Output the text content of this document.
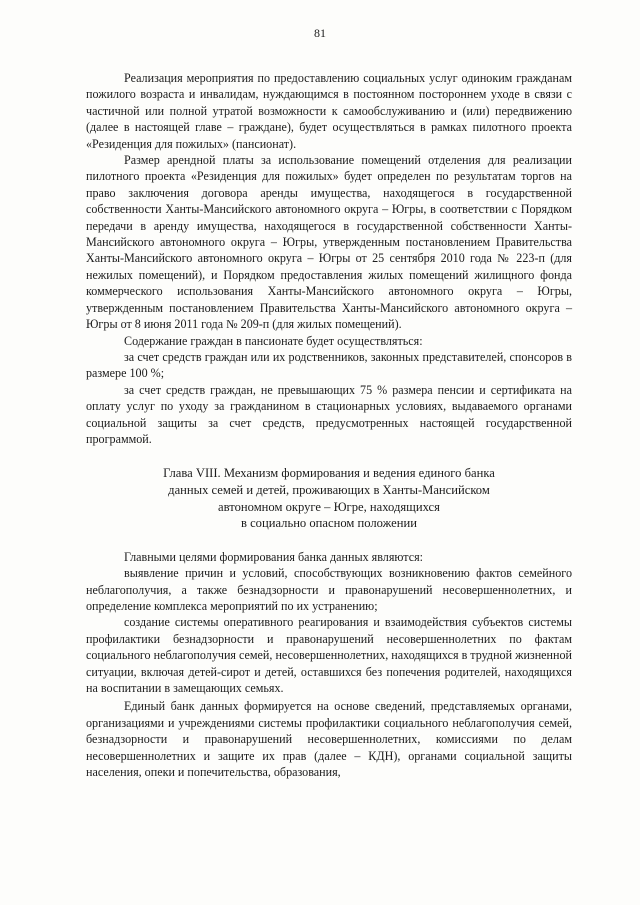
81

Реализация мероприятия по предоставлению социальных услуг одиноким гражданам пожилого возраста и инвалидам, нуждающимся в постоянном постороннем уходе в связи с частичной или полной утратой возможности к самообслуживанию и (или) передвижению (далее в настоящей главе – граждане), будет осуществляться в рамках пилотного проекта «Резиденция для пожилых» (пансионат).

Размер арендной платы за использование помещений отделения для реализации пилотного проекта «Резиденция для пожилых» будет определен по результатам торгов на право заключения договора аренды имущества, находящегося в государственной собственности Ханты-Мансийского автономного округа – Югры, в соответствии с Порядком передачи в аренду имущества, находящегося в государственной собственности Ханты-Мансийского автономного округа – Югры, утвержденным постановлением Правительства Ханты-Мансийского автономного округа – Югры от 25 сентября 2010 года № 223-п (для нежилых помещений), и Порядком предоставления жилых помещений жилищного фонда коммерческого использования Ханты-Мансийского автономного округа – Югры, утвержденным постановлением Правительства Ханты-Мансийского автономного округа – Югры от 8 июня 2011 года № 209-п (для жилых помещений).

Содержание граждан в пансионате будет осуществляться:

за счет средств граждан или их родственников, законных представителей, спонсоров в размере 100 %;

за счет средств граждан, не превышающих 75 % размера пенсии и сертификата на оплату услуг по уходу за гражданином в стационарных условиях, выдаваемого органами социальной защиты за счет средств, предусмотренных настоящей государственной программой.

Глава VIII. Механизм формирования и ведения единого банка
данных семей и детей, проживающих в Ханты-Мансийском
автономном округе – Югре, находящихся
в социально опасном положении

Главными целями формирования банка данных являются:

выявление причин и условий, способствующих возникновению фактов семейного неблагополучия, а также безнадзорности и правонарушений несовершеннолетних, и определение комплекса мероприятий по их устранению;

создание системы оперативного реагирования и взаимодействия субъектов системы профилактики безнадзорности и правонарушений несовершеннолетних по фактам социального неблагополучия семей, несовершеннолетних, находящихся в трудной жизненной ситуации, включая детей-сирот и детей, оставшихся без попечения родителей, находящихся на воспитании в замещающих семьях.

Единый банк данных формируется на основе сведений, представляемых органами, организациями и учреждениями системы профилактики социального неблагополучия семей, безнадзорности и правонарушений несовершеннолетних, комиссиями по делам несовершеннолетних и защите их прав (далее – КДН), органами социальной защиты населения, опеки и попечительства, образования,
